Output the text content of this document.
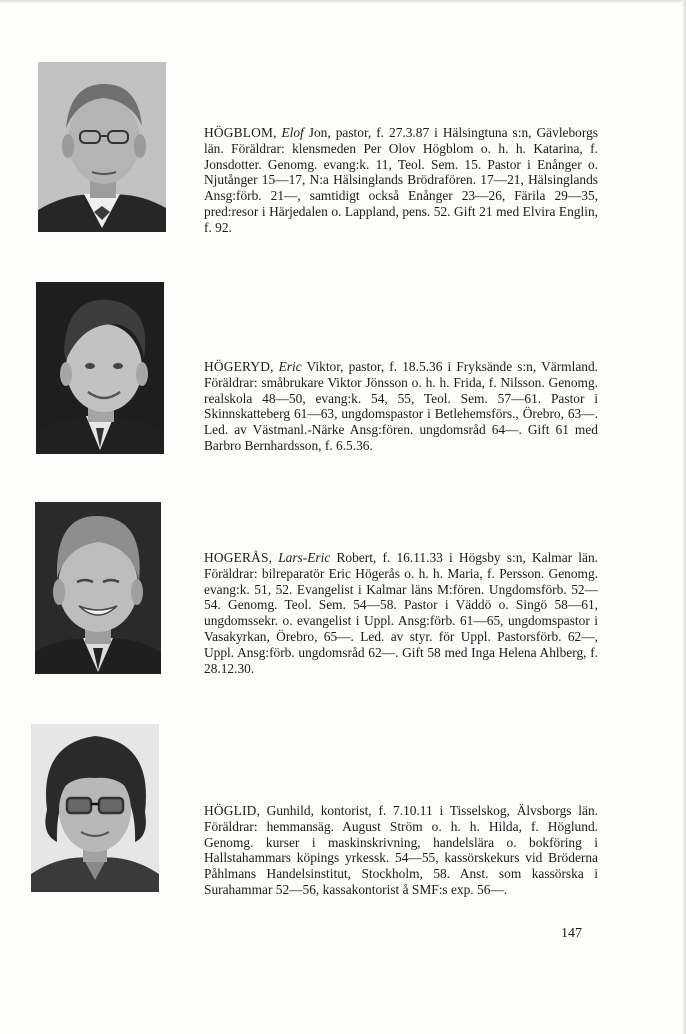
HÖGBLOM, Elof Jon, pastor, f. 27.3.87 i Hälsingtuna s:n, Gävleborgs län. Föräldrar: klensmeden Per Olov Högblom o. h. h. Katarina, f. Jonsdotter. Genomg. evang:k. 11, Teol. Sem. 15. Pastor i Enånger o. Njutånger 15—17, N:a Hälsinglands Brödrafören. 17—21, Hälsinglands Ansg:förb. 21—, samtidigt också Enånger 23—26, Färila 29—35, pred:resor i Härjedalen o. Lappland, pens. 52. Gift 21 med Elvira Englin, f. 92.

HÖGERYD, Eric Viktor, pastor, f. 18.5.36 i Fryksände s:n, Värmland. Föräldrar: småbrukare Viktor Jönsson o. h. h. Frida, f. Nilsson. Genomg. realskola 48—50, evang:k. 54, 55, Teol. Sem. 57—61. Pastor i Skinnskatteberg 61—63, ungdomspastor i Betlehemsförs., Örebro, 63—. Led. av Västmanl.-Närke Ansg:fören. ungdomsråd 64—. Gift 61 med Barbro Bernhardsson, f. 6.5.36.

HOGERÅS, Lars-Eric Robert, f. 16.11.33 i Högsby s:n, Kalmar län. Föräldrar: bilreparatör Eric Högerås o. h. h. Maria, f. Persson. Genomg. evang:k. 51, 52. Evangelist i Kalmar läns M:fören. Ungdomsförb. 52—54. Genomg. Teol. Sem. 54—58. Pastor i Väddö o. Singö 58—61, ungdomssekr. o. evangelist i Uppl. Ansg:förb. 61—65, ungdomspastor i Vasakyrkan, Örebro, 65—. Led. av styr. för Uppl. Pastorsförb. 62—, Uppl. Ansg:förb. ungdomsråd 62—. Gift 58 med Inga Helena Ahlberg, f. 28.12.30.

HÖGLID, Gunhild, kontorist, f. 7.10.11 i Tisselskog, Älvsborgs län. Föräldrar: hemmansäg. August Ström o. h. h. Hilda, f. Höglund. Genomg. kurser i maskinskrivning, handelslära o. bokföring i Hallstahammars köpings yrkessk. 54—55, kassörskekurs vid Bröderna Påhlmans Handelsinstitut, Stockholm, 58. Anst. som kassörska i Surahammar 52—56, kassakontorist å SMF:s exp. 56—.

147
